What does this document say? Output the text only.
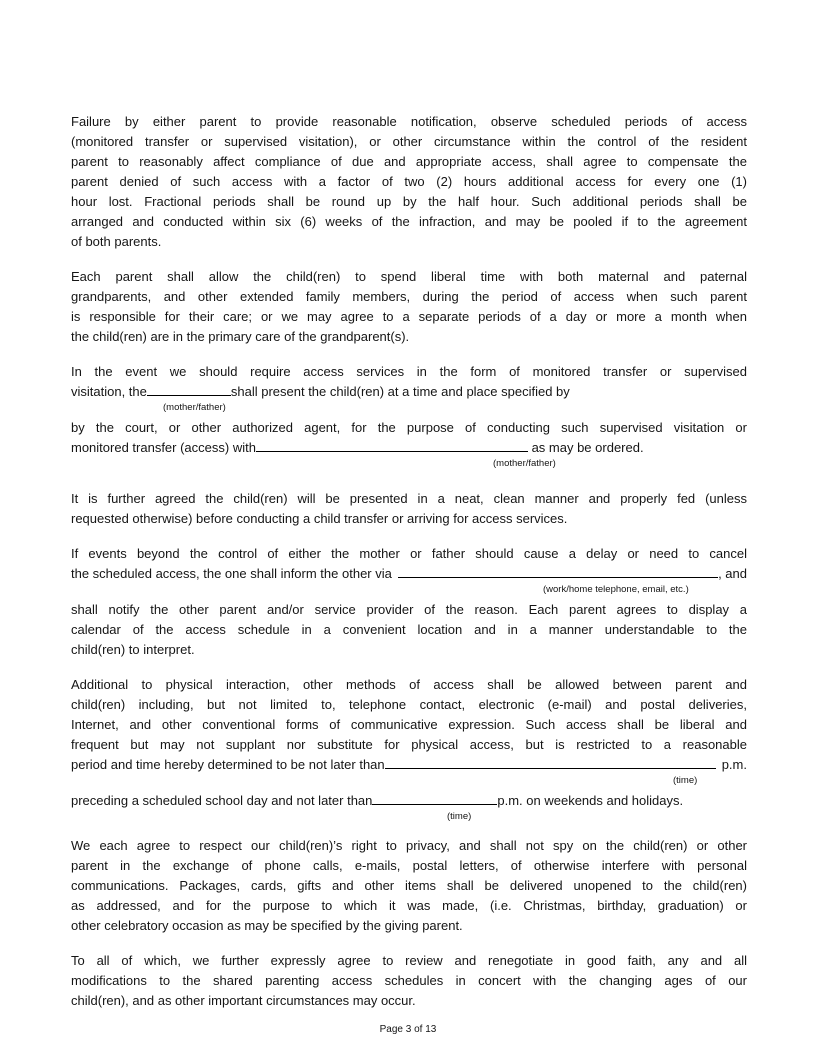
Failure by either parent to provide reasonable notification, observe scheduled periods of access
(monitored transfer or supervised visitation), or other circumstance within the control of the resident
parent to reasonably affect compliance of due and appropriate access, shall agree to compensate the
parent denied of such access with a factor of two (2) hours additional access for every one (1)
hour lost. Fractional periods shall be round up by the half hour. Such additional periods shall be
arranged and conducted within six (6) weeks of the infraction, and may be pooled if to the agreement
of both parents.
Each parent shall allow the child(ren) to spend liberal time with both maternal and paternal
grandparents, and other extended family members, during the period of access when such parent
is responsible for their care; or we may agree to a separate periods of a day or more a month when
the child(ren) are in the primary care of the grandparent(s).
In the event we should require access services in the form of monitored transfer or supervised
visitation, the	shall present the child(ren) at a time and place specified by
(mother/father)
by the court, or other authorized agent, for the purpose of conducting such supervised visitation or
monitored transfer (access) with	as may be ordered.
(mother/father)
It is further agreed the child(ren) will be presented in a neat, clean manner and properly fed (unless
requested otherwise) before conducting a child transfer or arriving for access services.
If events beyond the control of either the mother or father should cause a delay or need to cancel
the scheduled access, the one shall inform the other via	, and
(work/home telephone, email, etc.)
shall notify the other parent and/or service provider of the reason. Each parent agrees to display a
calendar of the access schedule in a convenient location and in a manner understandable to the
child(ren) to interpret.
Additional to physical interaction, other methods of access shall be allowed between parent and
child(ren) including, but not limited to, telephone contact, electronic (e-mail) and postal deliveries,
Internet, and other conventional forms of communicative expression. Such access shall be liberal and
frequent but may not supplant nor substitute for physical access, but is restricted to a reasonable
period and time hereby determined to be not later than	p.m.
(time)
preceding a scheduled school day and not later than	p.m. on weekends and holidays.
(time)
We each agree to respect our child(ren)’s right to privacy, and shall not spy on the child(ren) or other
parent in the exchange of phone calls, e-mails, postal letters, of otherwise interfere with personal
communications. Packages, cards, gifts and other items shall be delivered unopened to the child(ren)
as addressed, and for the purpose to which it was made, (i.e. Christmas, birthday, graduation) or
other celebratory occasion as may be specified by the giving parent.
To all of which, we further expressly agree to review and renegotiate in good faith, any and all
modifications to the shared parenting access schedules in concert with the changing ages of our
child(ren), and as other important circumstances may occur.
Page 3 of 13
